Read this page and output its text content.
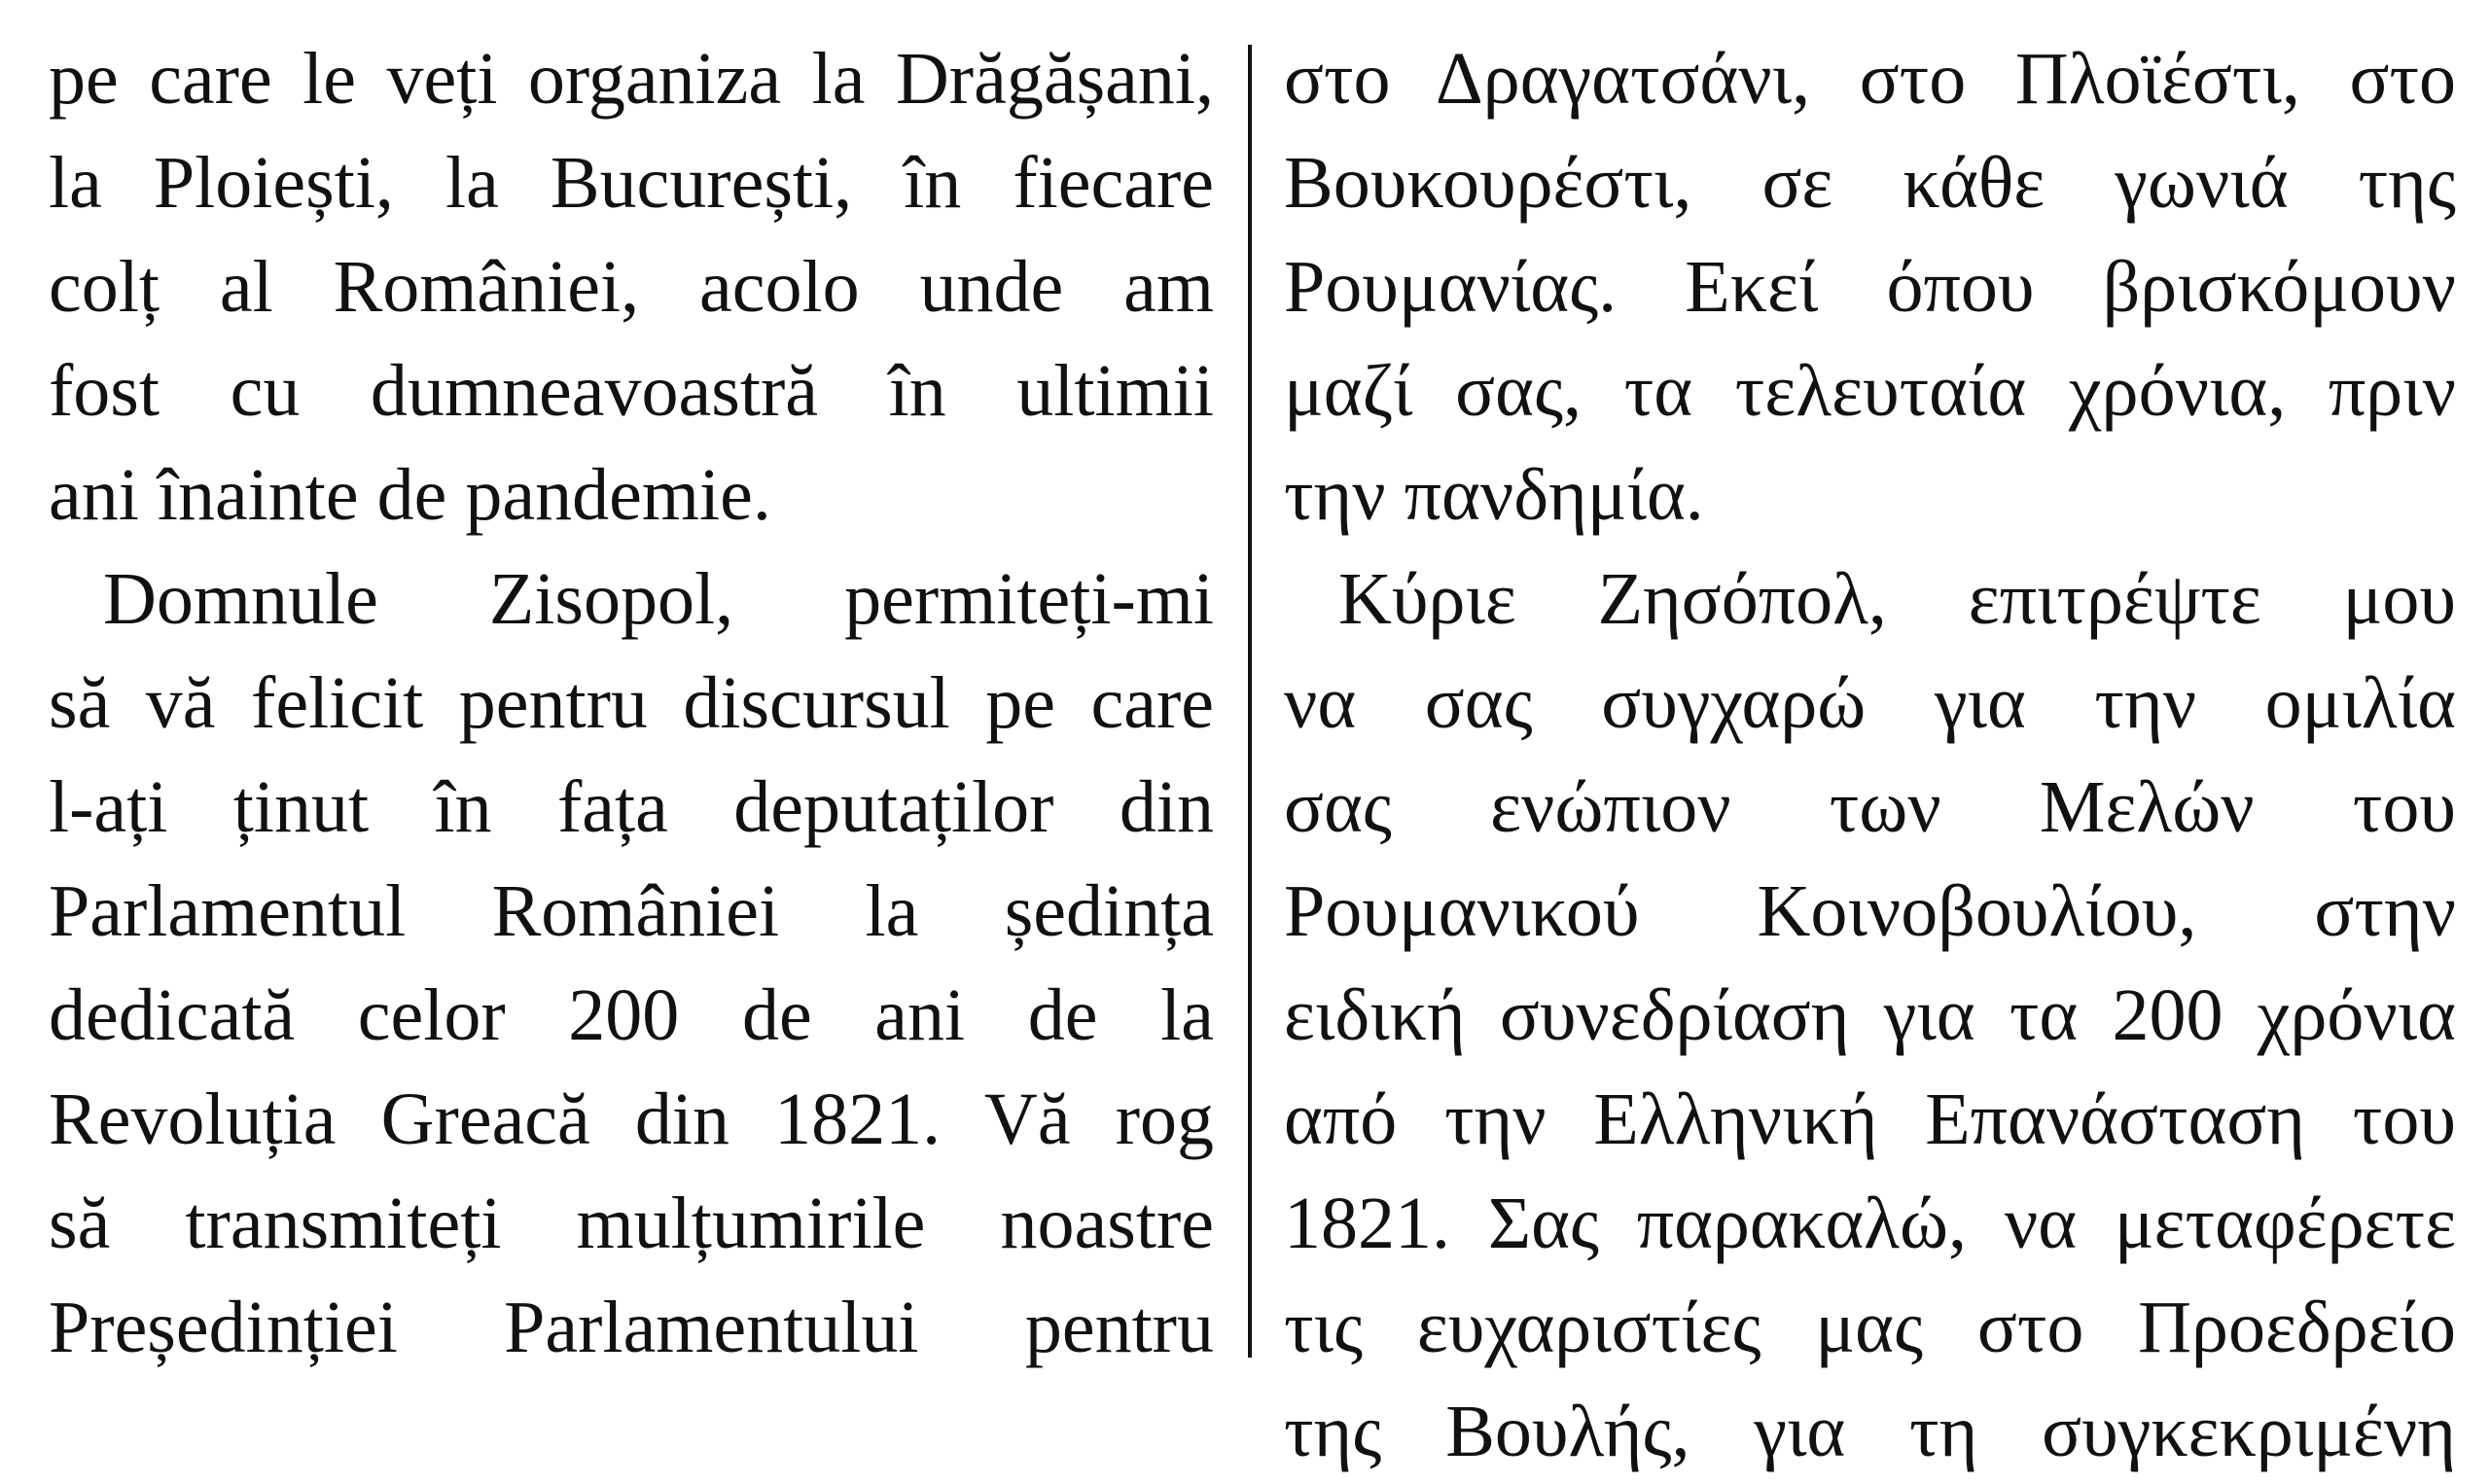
pe care le veți organiza la Drăgășani,
la Ploiești, la București, în fiecare
colț al României, acolo unde am
fost cu dumneavoastră în ultimii
ani înainte de pandemie.
Domnule Zisopol, permiteți-mi
să vă felicit pentru discursul pe care
l-ați ținut în fața deputaților din
Parlamentul României la ședința
dedicată celor 200 de ani de la
Revoluția Greacă din 1821. Vă rog
să transmiteți mulțumirile noastre
Președinției Parlamentului pentru
στο Δραγατσάνι, στο Πλοϊέστι, στο
Βουκουρέστι, σε κάθε γωνιά της
Ρουμανίας. Εκεί όπου βρισκόμουν
μαζί σας, τα τελευταία χρόνια, πριν
την πανδημία.
Κύριε Ζησόπολ, επιτρέψτε μου
να σας συγχαρώ για την ομιλία
σας ενώπιον των Μελών του
Ρουμανικού Κοινοβουλίου, στην
ειδική συνεδρίαση για τα 200 χρόνια
από την Ελληνική Επανάσταση του
1821. Σας παρακαλώ, να μεταφέρετε
τις ευχαριστίες μας στο Προεδρείο
της Βουλής, για τη συγκεκριμένη
